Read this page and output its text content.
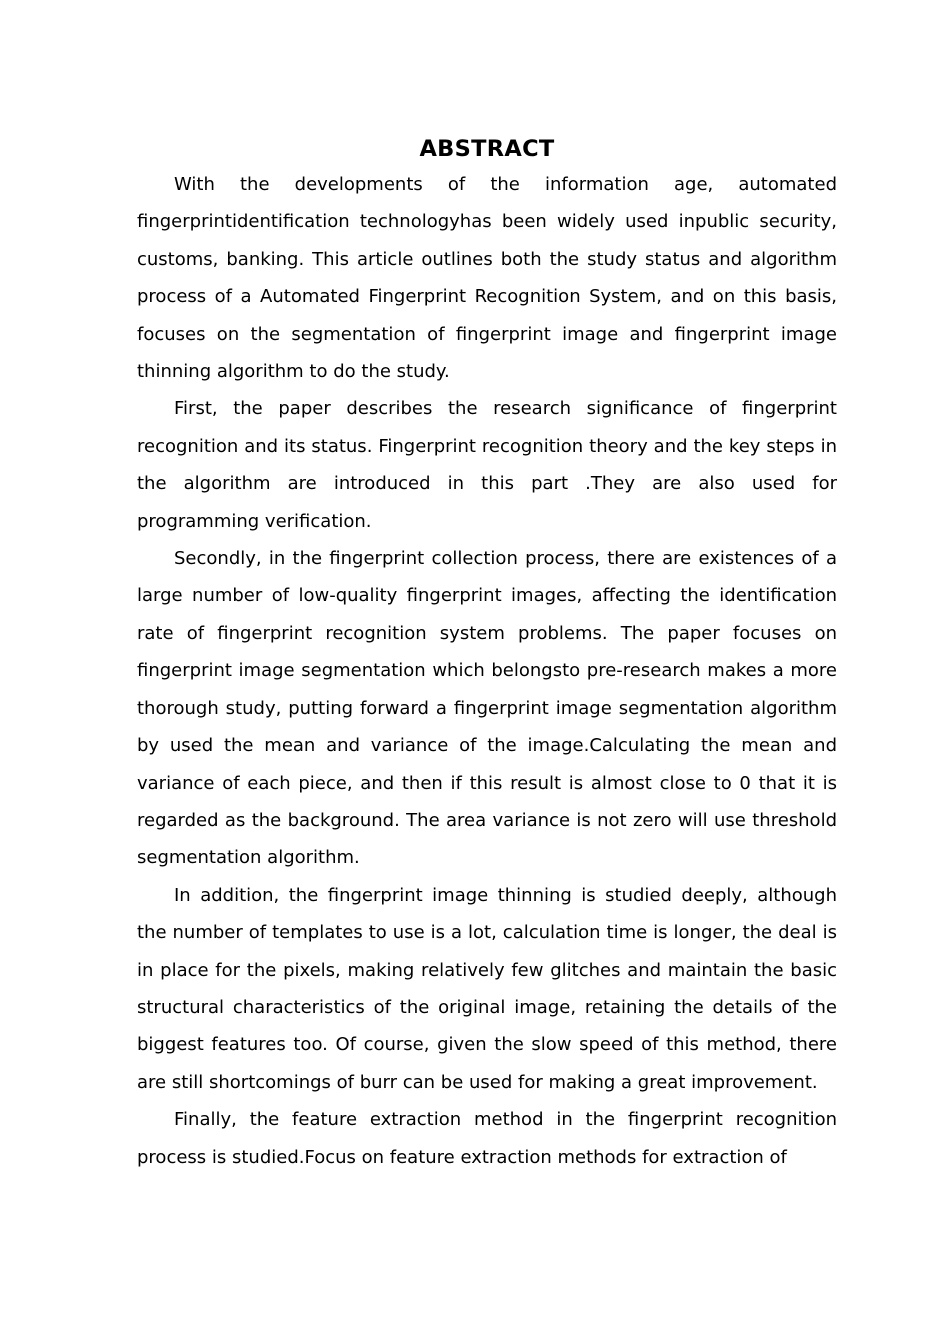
ABSTRACT

With the developments of the information age, automated fingerprintidentification technologyhas been widely used inpublic security, customs, banking. This article outlines both the study status and algorithm process of a Automated Fingerprint Recognition System, and on this basis, focuses on the segmentation of fingerprint image and fingerprint image thinning algorithm to do the study.

First, the paper describes the research significance of fingerprint recognition and its status. Fingerprint recognition theory and the key steps in the algorithm are introduced in this part .They are also used for programming verification.

Secondly, in the fingerprint collection process, there are existences of a large number of low-quality fingerprint images, affecting the identification rate of fingerprint recognition system problems. The paper focuses on fingerprint image segmentation which belongsto pre-research makes a more thorough study, putting forward a fingerprint image segmentation algorithm by used the mean and variance of the image.Calculating the mean and variance of each piece, and then if this result is almost close to 0 that it is regarded as the background. The area variance is not zero will use threshold segmentation algorithm.

In addition, the fingerprint image thinning is studied deeply, although the number of templates to use is a lot, calculation time is longer, the deal is in place for the pixels, making relatively few glitches and maintain the basic structural characteristics of the original image, retaining the details of the biggest features too. Of course, given the slow speed of this method, there are still shortcomings of burr can be used for making a great improvement.

Finally, the feature extraction method in the fingerprint recognition process is studied.Focus on feature extraction methods for extraction of
